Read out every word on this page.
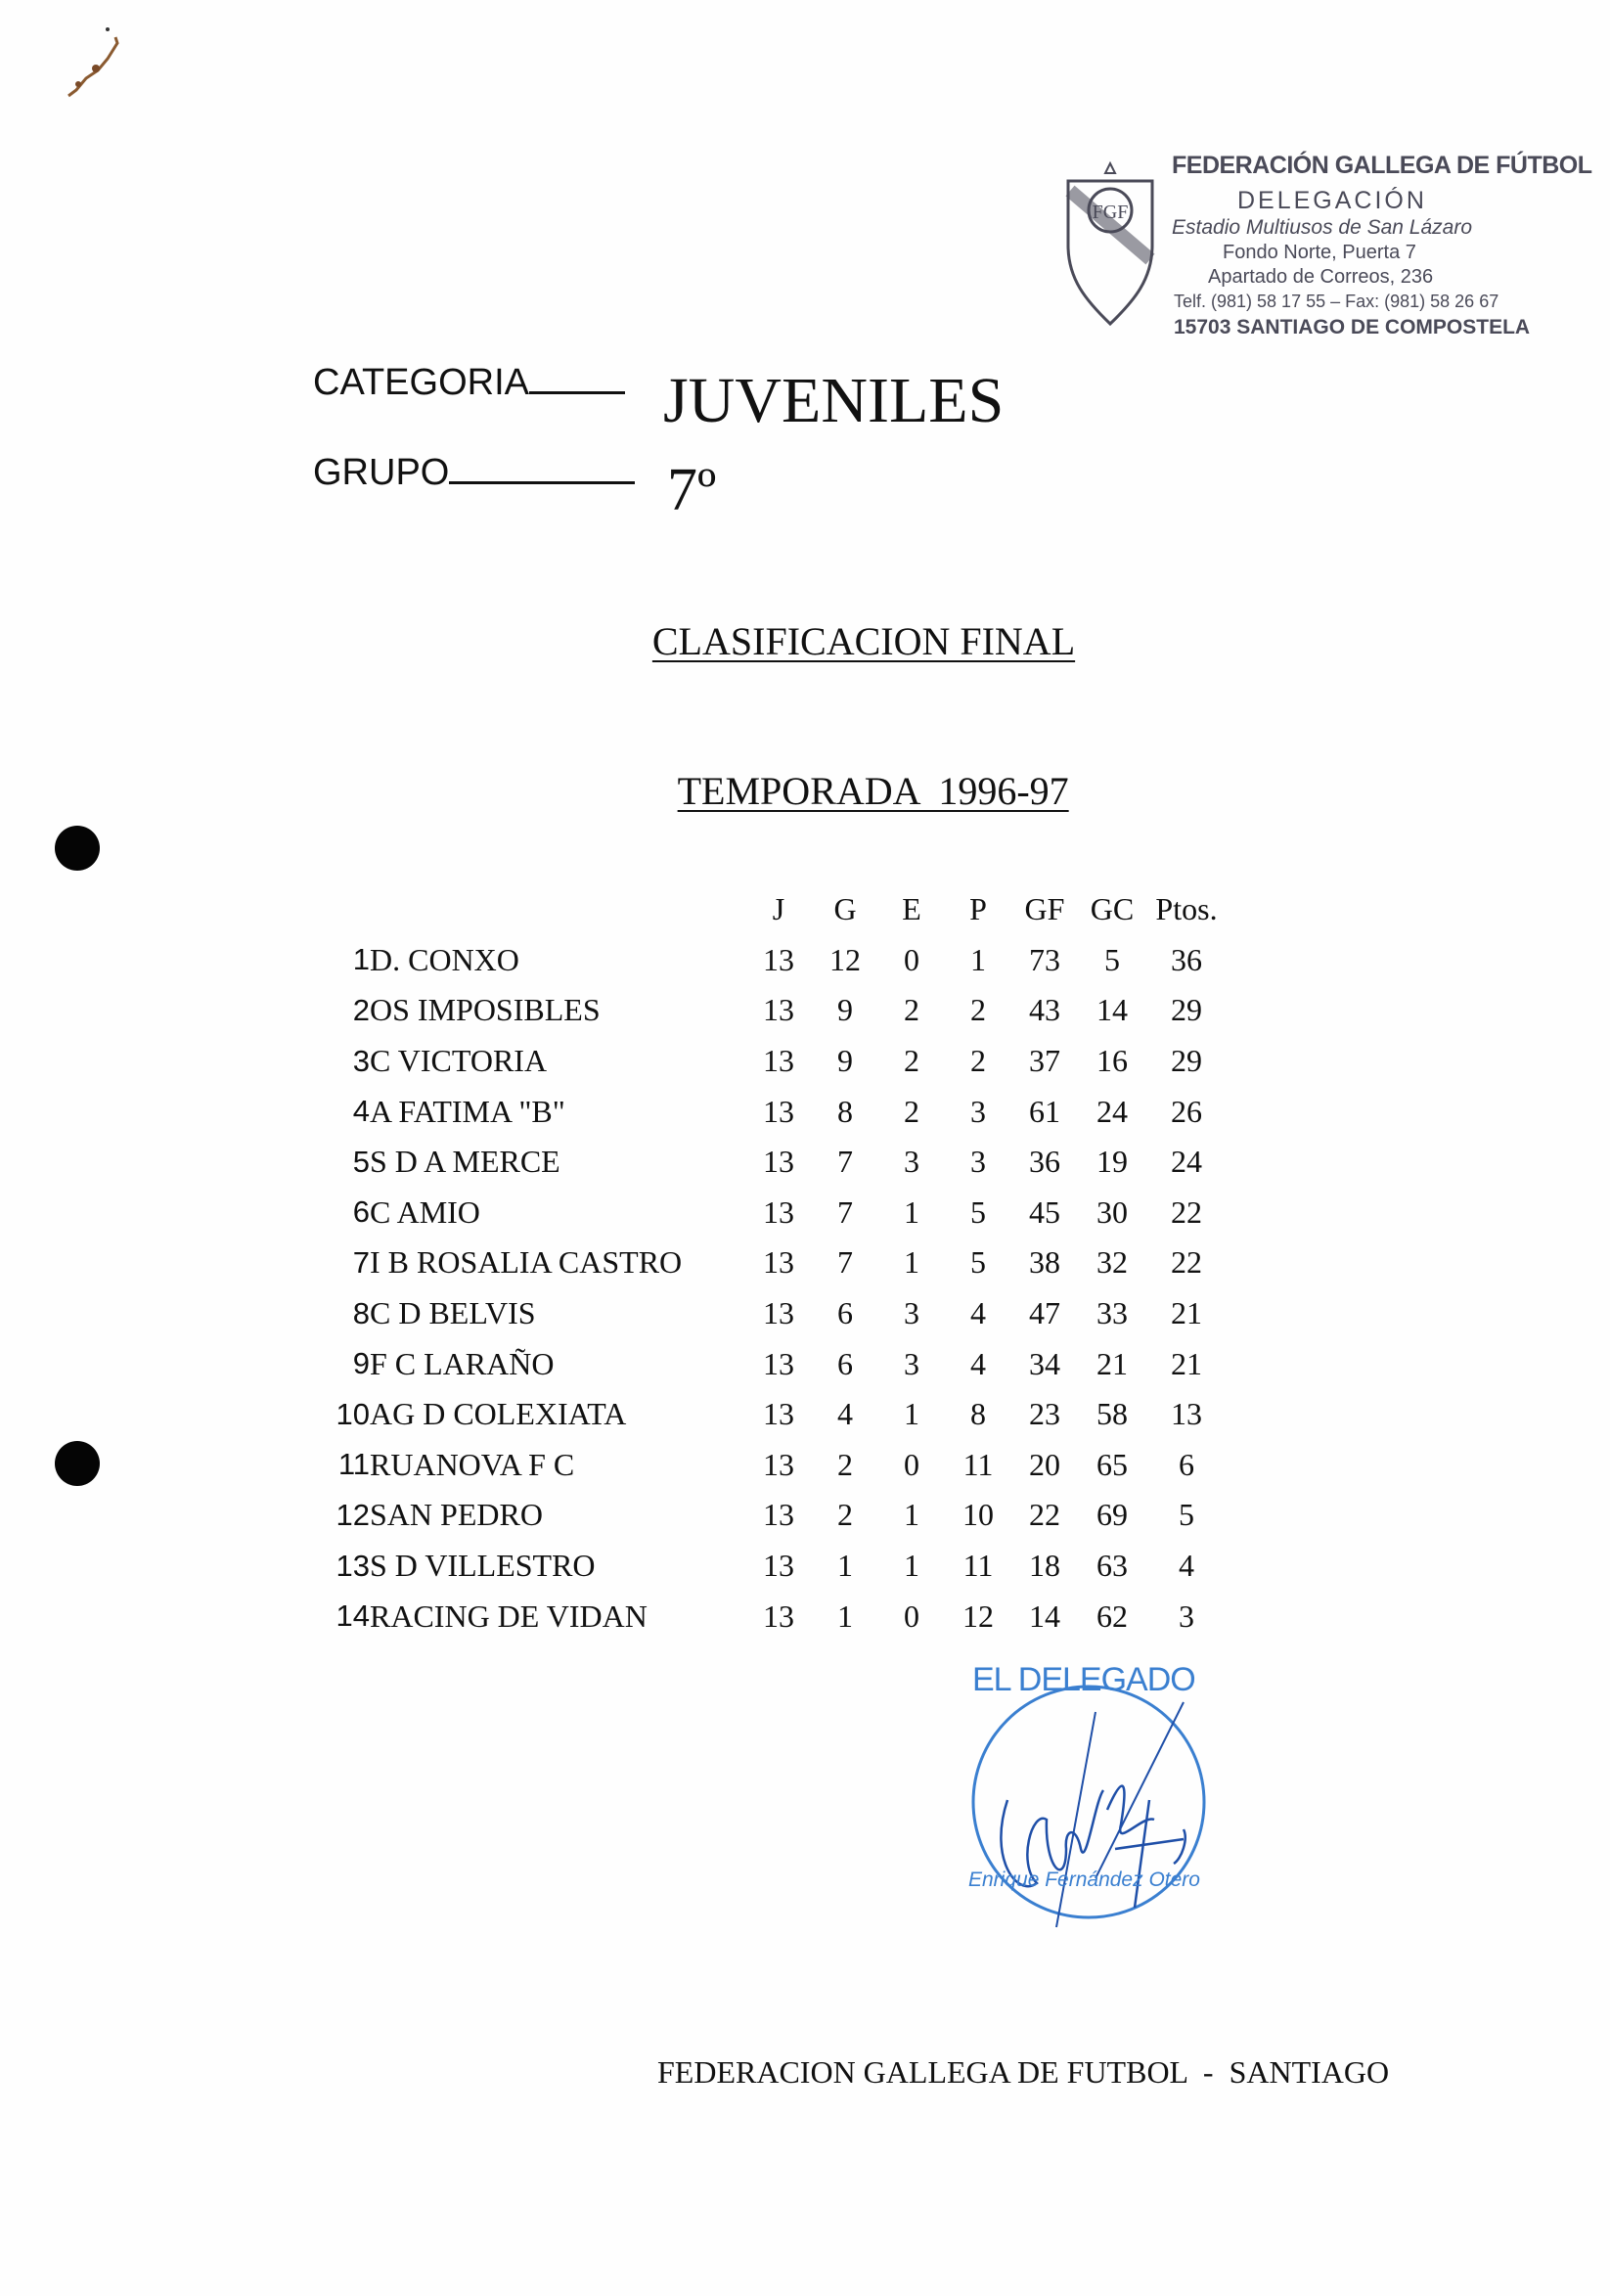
FGF
FEDERACIÓN GALLEGA DE FÚTBOL
DELEGACIÓN
Estadio Multiusos de San Lázaro
Fondo Norte, Puerta 7
Apartado de Correos, 236
Telf. (981) 58 17 55 – Fax: (981) 58 26 67
15703 SANTIAGO DE COMPOSTELA
CATEGORIA	JUVENILES
GRUPO	7º
CLASIFICACION FINAL

TEMPORADA  1996-97

		J	G	E	P	GF	GC	Ptos.
1	D. CONXO	13	12	0	1	73	5	36
2	OS IMPOSIBLES	13	9	2	2	43	14	29
3	C VICTORIA	13	9	2	2	37	16	29
4	A FATIMA "B"	13	8	2	3	61	24	26
5	S D A MERCE	13	7	3	3	36	19	24
6	C AMIO	13	7	1	5	45	30	22
7	I B ROSALIA CASTRO	13	7	1	5	38	32	22
8	C D BELVIS	13	6	3	4	47	33	21
9	F C LARAÑO	13	6	3	4	34	21	21
10	AG D COLEXIATA	13	4	1	8	23	58	13
11	RUANOVA F C	13	2	0	11	20	65	6
12	SAN PEDRO	13	2	1	10	22	69	5
13	S D VILLESTRO	13	1	1	11	18	63	4
14	RACING DE VIDAN	13	1	0	12	14	62	3
EL DELEGADO
Enrique Fernández Otero
FEDERACION GALLEGA DE FUTBOL  -  SANTIAGO
